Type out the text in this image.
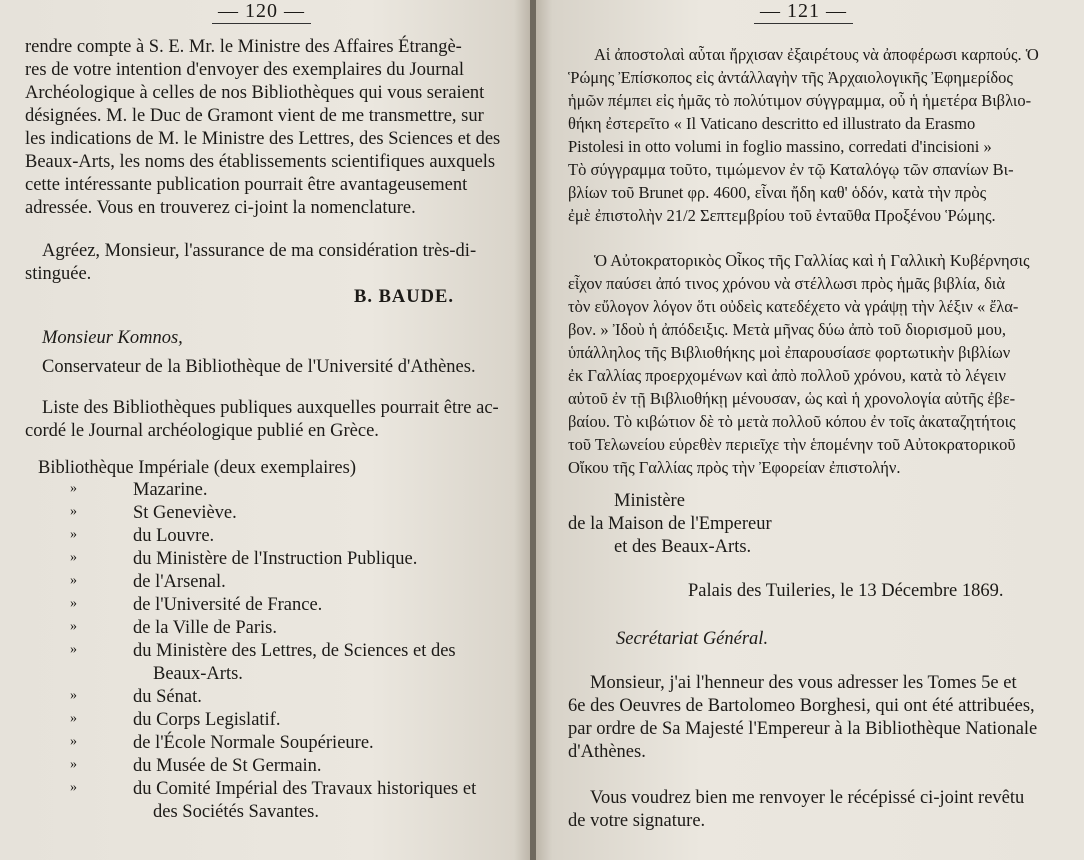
— 120 —
rendre compte à S. E. Mr. le Ministre des Affaires Étrangè-
res de votre intention d'envoyer des exemplaires du Journal
Archéologique à celles de nos Bibliothèques qui vous seraient
désignées. M. le Duc de Gramont vient de me transmettre, sur
les indications de M. le Ministre des Lettres, des Sciences et des
Beaux-Arts, les noms des établissements scientifiques auxquels
cette intéressante publication pourrait être avantageusement
adressée. Vous en trouverez ci-joint la nomenclature.
Agréez, Monsieur, l'assurance de ma considération très-di-
stinguée.
B. BAUDE.
Monsieur Komnos,
Conservateur de la Bibliothèque de l'Université d'Athènes.
Liste des Bibliothèques publiques auxquelles pourrait être ac-
cordé le Journal archéologique publié en Grèce.
Bibliothèque Impériale (deux exemplaires)
»	Mazarine.
»	St Geneviève.
»	du Louvre.
»	du Ministère de l'Instruction Publique.
»	de l'Arsenal.
»	de l'Université de France.
»	de la Ville de Paris.
»	du Ministère des Lettres, de Sciences et des
Beaux-Arts.
»	du Sénat.
»	du Corps Legislatif.
»	de l'École Normale Soupérieure.
»	du Musée de St Germain.
»	du Comité Impérial des Travaux historiques et
des Sociétés Savantes.
— 121 —
Αἱ ἀποστολαὶ αὗται ἤρχισαν ἐξαιρέτους νὰ ἀποφέρωσι καρπούς. Ὁ
Ῥώμης Ἐπίσκοπος εἰς ἀντάλλαγὴν τῆς Ἀρχαιολογικῆς Ἐφημερίδος
ἡμῶν πέμπει εἰς ἡμᾶς τὸ πολύτιμον σύγγραμμα, οὗ ἡ ἡμετέρα Βιβλιο-
θήκη ἐστερεῖτο « Il Vaticano descritto ed illustrato da Erasmo
Pistolesi in otto volumi in foglio massino, corredati d'incisioni »
Τὸ σύγγραμμα τοῦτο, τιμώμενον ἐν τῷ Καταλόγῳ τῶν σπανίων Βι-
βλίων τοῦ Brunet φρ. 4600, εἶναι ἤδη καθ' ὁδόν, κατὰ τὴν πρὸς
ἐμὲ ἐπιστολὴν 21/2 Σεπτεμβρίου τοῦ ἐνταῦθα Προξένου Ῥώμης.
Ὁ Αὐτοκρατορικὸς Οἶκος τῆς Γαλλίας καὶ ἡ Γαλλικὴ Κυβέρνησις
εἶχον παύσει ἀπό τινος χρόνου νὰ στέλλωσι πρὸς ἡμᾶς βιβλία, διὰ
τὸν εὔλογον λόγον ὅτι οὐδεὶς κατεδέχετο νὰ γράψῃ τὴν λέξιν « ἔλα-
βον. » Ἰδοὺ ἡ ἀπόδειξις. Μετὰ μῆνας δύω ἀπὸ τοῦ διορισμοῦ μου,
ὑπάλληλος τῆς Βιβλιοθήκης μοὶ ἐπαρουσίασε φορτωτικὴν βιβλίων
ἐκ Γαλλίας προερχομένων καὶ ἀπὸ πολλοῦ χρόνου, κατὰ τὸ λέγειν
αὐτοῦ ἐν τῇ Βιβλιοθήκῃ μένουσαν, ὡς καὶ ἡ χρονολογία αὐτῆς ἐβε-
βαίου. Τὸ κιβώτιον δὲ τὸ μετὰ πολλοῦ κόπου ἐν τοῖς ἀκαταζητήτοις
τοῦ Τελωνείου εὑρεθὲν περιεῖχε τὴν ἑπομένην τοῦ Αὐτοκρατορικοῦ
Οἴκου τῆς Γαλλίας πρὸς τὴν Ἐφορείαν ἐπιστολήν.
Ministère
de la Maison de l'Empereur
et des Beaux-Arts.
Palais des Tuileries, le 13 Décembre 1869.
Secrétariat Général.
Monsieur, j'ai l'henneur des vous adresser les Tomes 5e et
6e des Oeuvres de Bartolomeo Borghesi, qui ont été attribuées,
par ordre de Sa Majesté l'Empereur à la Bibliothèque Nationale
d'Athènes.
Vous voudrez bien me renvoyer le récépissé ci-joint revêtu
de votre signature.
